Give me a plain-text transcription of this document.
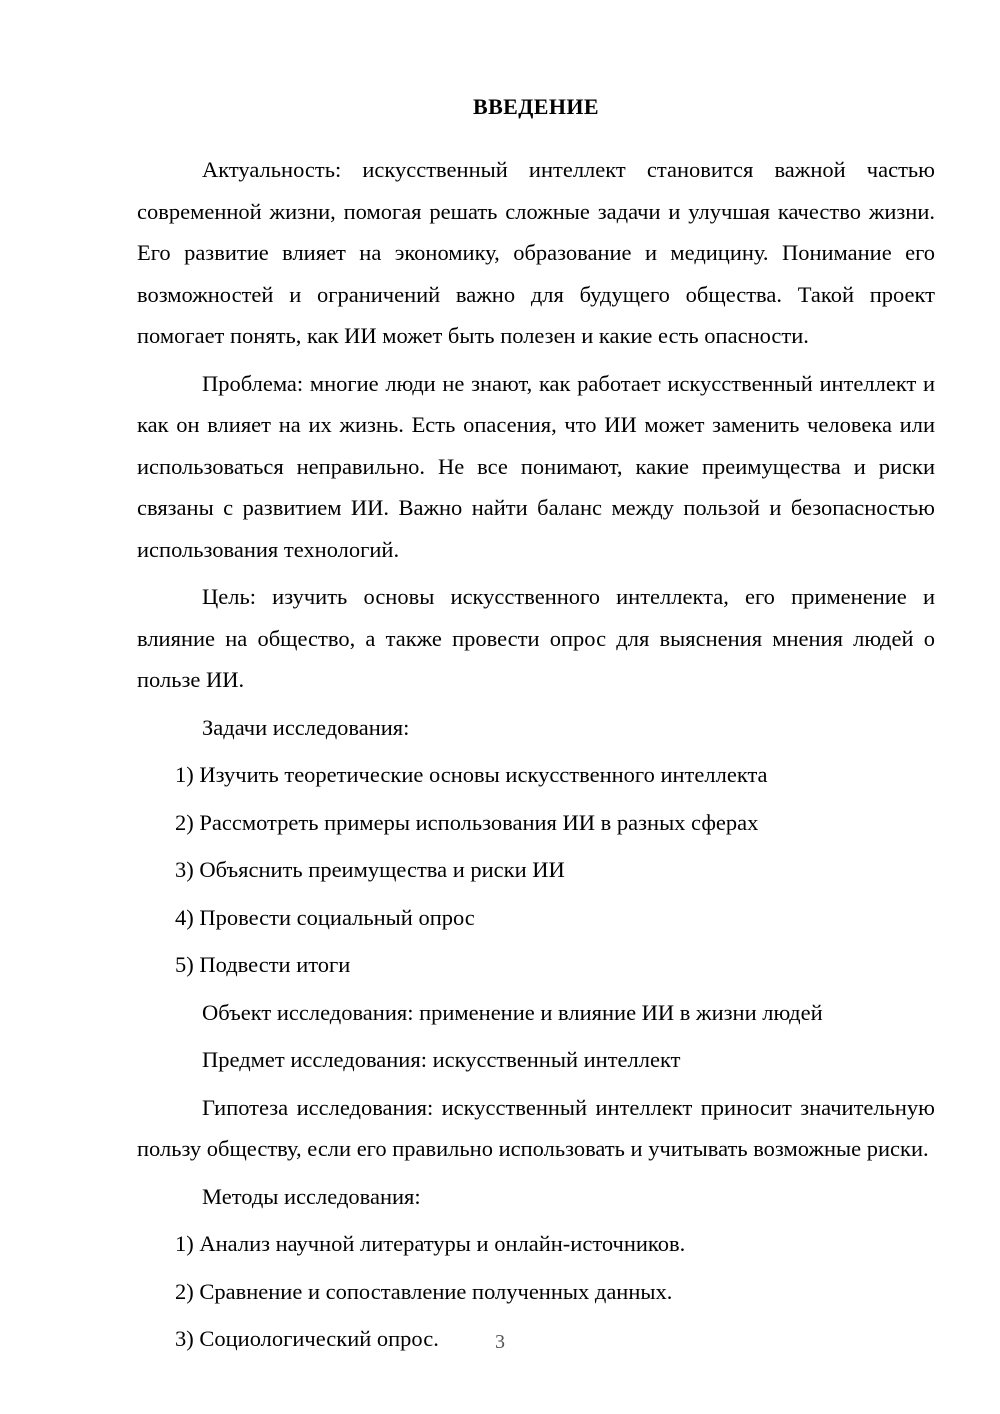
ВВЕДЕНИЕ

Актуальность: искусственный интеллект становится важной частью современной жизни, помогая решать сложные задачи и улучшая качество жизни. Его развитие влияет на экономику, образование и медицину. Понимание его возможностей и ограничений важно для будущего общества. Такой проект помогает понять, как ИИ может быть полезен и какие есть опасности.

Проблема: многие люди не знают, как работает искусственный интеллект и как он влияет на их жизнь. Есть опасения, что ИИ может заменить человека или использоваться неправильно. Не все понимают, какие преимущества и риски связаны с развитием ИИ. Важно найти баланс между пользой и безопасностью использования технологий.

Цель: изучить основы искусственного интеллекта, его применение и влияние на общество, а также провести опрос для выяснения мнения людей о пользе ИИ.

Задачи исследования:

1) Изучить теоретические основы искусственного интеллекта

2) Рассмотреть примеры использования ИИ в разных сферах

3) Объяснить преимущества и риски ИИ

4) Провести социальный опрос

5) Подвести итоги

Объект исследования: применение и влияние ИИ в жизни людей

Предмет исследования: искусственный интеллект

Гипотеза исследования: искусственный интеллект приносит значительную пользу обществу, если его правильно использовать и учитывать возможные риски.

Методы исследования:

1) Анализ научной литературы и онлайн-источников.

2) Сравнение и сопоставление полученных данных.

3) Социологический опрос.	3
